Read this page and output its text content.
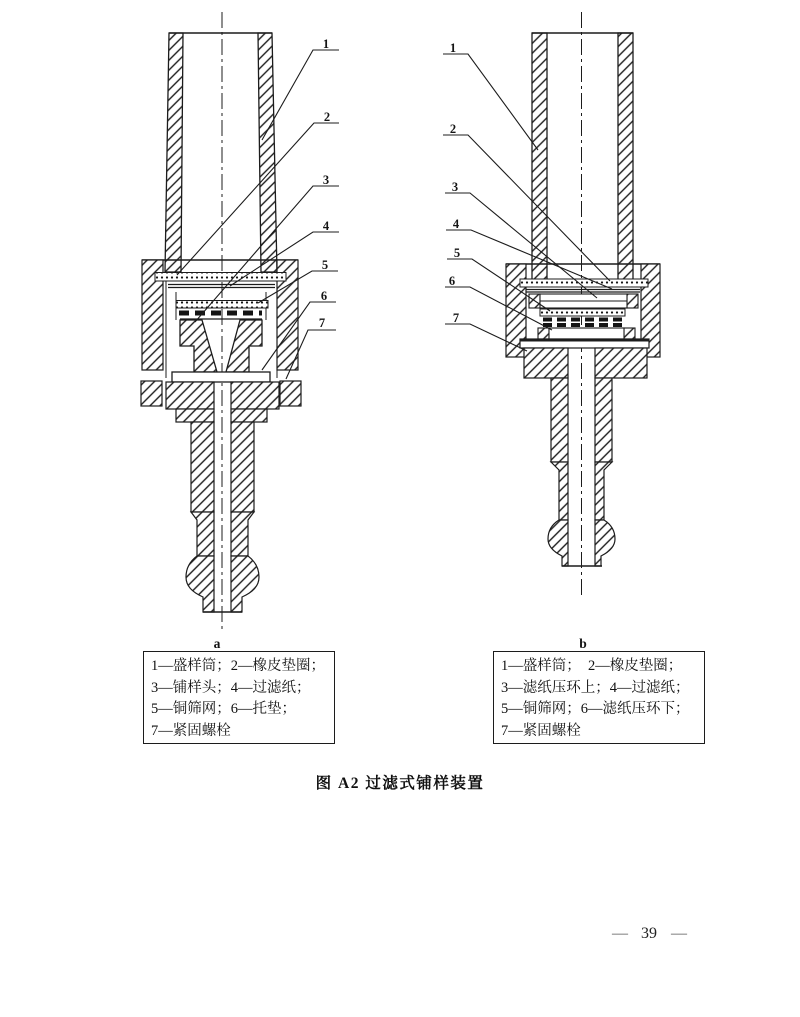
1
2
3
4
5
6
7
a
1
2
3
4
5
6
7
b
1—盛样筒；2—橡皮垫圈；
3—铺样头；4—过滤纸；
5—铜筛网；6—托垫；
7—紧固螺栓
1—盛样筒；　2—橡皮垫圈；
3—滤纸压环上；4—过滤纸；
5—铜筛网；6—滤纸压环下；
7—紧固螺栓
图 A2 过滤式铺样装置
— 39 —
